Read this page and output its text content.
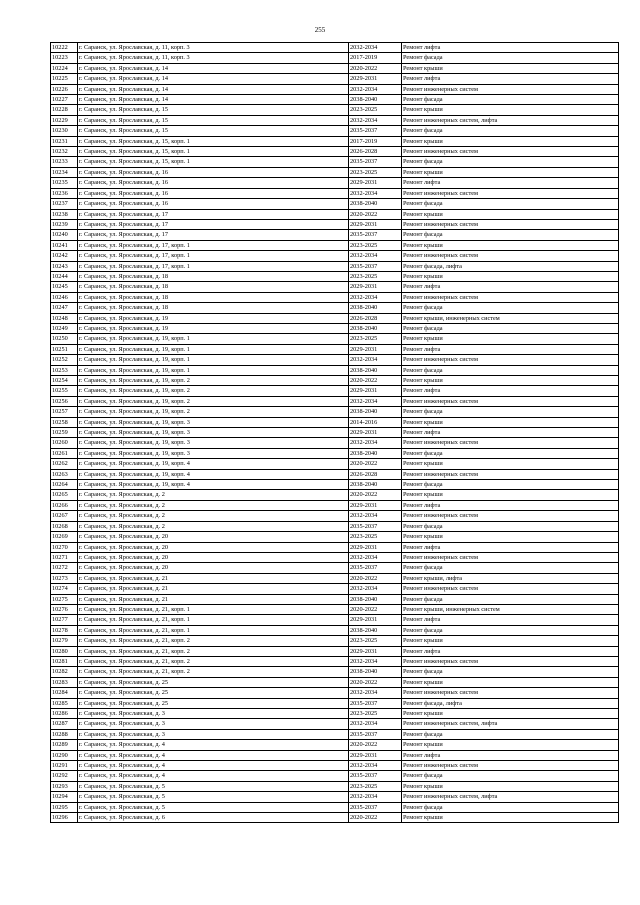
255
10222	г. Саранск, ул. Ярославская, д. 11, корп. 3	2032-2034	Ремонт лифта
10223	г. Саранск, ул. Ярославская, д. 11, корп. 3	2017-2019	Ремонт фасада
10224	г. Саранск, ул. Ярославская, д. 14	2020-2022	Ремонт крыши
10225	г. Саранск, ул. Ярославская, д. 14	2029-2031	Ремонт лифта
10226	г. Саранск, ул. Ярославская, д. 14	2032-2034	Ремонт инженерных систем
10227	г. Саранск, ул. Ярославская, д. 14	2038-2040	Ремонт фасада
10228	г. Саранск, ул. Ярославская, д. 15	2023-2025	Ремонт крыши
10229	г. Саранск, ул. Ярославская, д. 15	2032-2034	Ремонт инженерных систем, лифта
10230	г. Саранск, ул. Ярославская, д. 15	2035-2037	Ремонт фасада
10231	г. Саранск, ул. Ярославская, д. 15, корп. 1	2017-2019	Ремонт крыши
10232	г. Саранск, ул. Ярославская, д. 15, корп. 1	2026-2028	Ремонт инженерных систем
10233	г. Саранск, ул. Ярославская, д. 15, корп. 1	2035-2037	Ремонт фасада
10234	г. Саранск, ул. Ярославская, д. 16	2023-2025	Ремонт крыши
10235	г. Саранск, ул. Ярославская, д. 16	2029-2031	Ремонт лифта
10236	г. Саранск, ул. Ярославская, д. 16	2032-2034	Ремонт инженерных систем
10237	г. Саранск, ул. Ярославская, д. 16	2038-2040	Ремонт фасада
10238	г. Саранск, ул. Ярославская, д. 17	2020-2022	Ремонт крыши
10239	г. Саранск, ул. Ярославская, д. 17	2029-2031	Ремонт инженерных систем
10240	г. Саранск, ул. Ярославская, д. 17	2035-2037	Ремонт фасада
10241	г. Саранск, ул. Ярославская, д. 17, корп. 1	2023-2025	Ремонт крыши
10242	г. Саранск, ул. Ярославская, д. 17, корп. 1	2032-2034	Ремонт инженерных систем
10243	г. Саранск, ул. Ярославская, д. 17, корп. 1	2035-2037	Ремонт фасада, лифта
10244	г. Саранск, ул. Ярославская, д. 18	2023-2025	Ремонт крыши
10245	г. Саранск, ул. Ярославская, д. 18	2029-2031	Ремонт лифта
10246	г. Саранск, ул. Ярославская, д. 18	2032-2034	Ремонт инженерных систем
10247	г. Саранск, ул. Ярославская, д. 18	2038-2040	Ремонт фасада
10248	г. Саранск, ул. Ярославская, д. 19	2026-2028	Ремонт крыши, инженерных систем
10249	г. Саранск, ул. Ярославская, д. 19	2038-2040	Ремонт фасада
10250	г. Саранск, ул. Ярославская, д. 19, корп. 1	2023-2025	Ремонт крыши
10251	г. Саранск, ул. Ярославская, д. 19, корп. 1	2029-2031	Ремонт лифта
10252	г. Саранск, ул. Ярославская, д. 19, корп. 1	2032-2034	Ремонт инженерных систем
10253	г. Саранск, ул. Ярославская, д. 19, корп. 1	2038-2040	Ремонт фасада
10254	г. Саранск, ул. Ярославская, д. 19, корп. 2	2020-2022	Ремонт крыши
10255	г. Саранск, ул. Ярославская, д. 19, корп. 2	2029-2031	Ремонт лифта
10256	г. Саранск, ул. Ярославская, д. 19, корп. 2	2032-2034	Ремонт инженерных систем
10257	г. Саранск, ул. Ярославская, д. 19, корп. 2	2038-2040	Ремонт фасада
10258	г. Саранск, ул. Ярославская, д. 19, корп. 3	2014-2016	Ремонт крыши
10259	г. Саранск, ул. Ярославская, д. 19, корп. 3	2029-2031	Ремонт лифта
10260	г. Саранск, ул. Ярославская, д. 19, корп. 3	2032-2034	Ремонт инженерных систем
10261	г. Саранск, ул. Ярославская, д. 19, корп. 3	2038-2040	Ремонт фасада
10262	г. Саранск, ул. Ярославская, д. 19, корп. 4	2020-2022	Ремонт крыши
10263	г. Саранск, ул. Ярославская, д. 19, корп. 4	2026-2028	Ремонт инженерных систем
10264	г. Саранск, ул. Ярославская, д. 19, корп. 4	2038-2040	Ремонт фасада
10265	г. Саранск, ул. Ярославская, д. 2	2020-2022	Ремонт крыши
10266	г. Саранск, ул. Ярославская, д. 2	2029-2031	Ремонт лифта
10267	г. Саранск, ул. Ярославская, д. 2	2032-2034	Ремонт инженерных систем
10268	г. Саранск, ул. Ярославская, д. 2	2035-2037	Ремонт фасада
10269	г. Саранск, ул. Ярославская, д. 20	2023-2025	Ремонт крыши
10270	г. Саранск, ул. Ярославская, д. 20	2029-2031	Ремонт лифта
10271	г. Саранск, ул. Ярославская, д. 20	2032-2034	Ремонт инженерных систем
10272	г. Саранск, ул. Ярославская, д. 20	2035-2037	Ремонт фасада
10273	г. Саранск, ул. Ярославская, д. 21	2020-2022	Ремонт крыши, лифта
10274	г. Саранск, ул. Ярославская, д. 21	2032-2034	Ремонт инженерных систем
10275	г. Саранск, ул. Ярославская, д. 21	2038-2040	Ремонт фасада
10276	г. Саранск, ул. Ярославская, д. 21, корп. 1	2020-2022	Ремонт крыши, инженерных систем
10277	г. Саранск, ул. Ярославская, д. 21, корп. 1	2029-2031	Ремонт лифта
10278	г. Саранск, ул. Ярославская, д. 21, корп. 1	2038-2040	Ремонт фасада
10279	г. Саранск, ул. Ярославская, д. 21, корп. 2	2023-2025	Ремонт крыши
10280	г. Саранск, ул. Ярославская, д. 21, корп. 2	2029-2031	Ремонт лифта
10281	г. Саранск, ул. Ярославская, д. 21, корп. 2	2032-2034	Ремонт инженерных систем
10282	г. Саранск, ул. Ярославская, д. 21, корп. 2	2038-2040	Ремонт фасада
10283	г. Саранск, ул. Ярославская, д. 25	2020-2022	Ремонт крыши
10284	г. Саранск, ул. Ярославская, д. 25	2032-2034	Ремонт инженерных систем
10285	г. Саранск, ул. Ярославская, д. 25	2035-2037	Ремонт фасада, лифта
10286	г. Саранск, ул. Ярославская, д. 3	2023-2025	Ремонт крыши
10287	г. Саранск, ул. Ярославская, д. 3	2032-2034	Ремонт инженерных систем, лифта
10288	г. Саранск, ул. Ярославская, д. 3	2035-2037	Ремонт фасада
10289	г. Саранск, ул. Ярославская, д. 4	2020-2022	Ремонт крыши
10290	г. Саранск, ул. Ярославская, д. 4	2029-2031	Ремонт лифта
10291	г. Саранск, ул. Ярославская, д. 4	2032-2034	Ремонт инженерных систем
10292	г. Саранск, ул. Ярославская, д. 4	2035-2037	Ремонт фасада
10293	г. Саранск, ул. Ярославская, д. 5	2023-2025	Ремонт крыши
10294	г. Саранск, ул. Ярославская, д. 5	2032-2034	Ремонт инженерных систем, лифта
10295	г. Саранск, ул. Ярославская, д. 5	2035-2037	Ремонт фасада
10296	г. Саранск, ул. Ярославская, д. 6	2020-2022	Ремонт крыши
